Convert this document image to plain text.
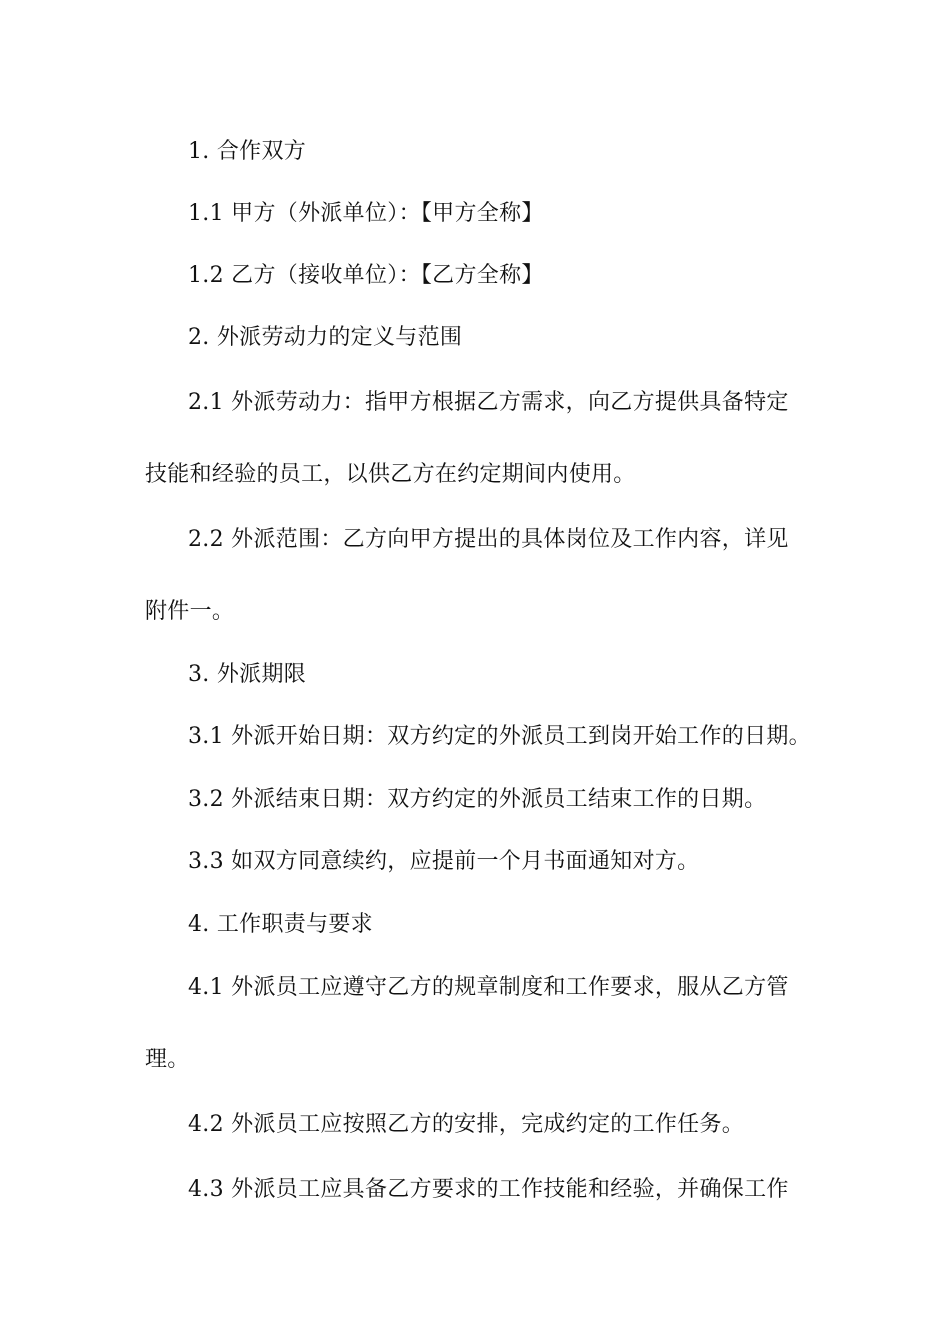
1. 合作双方
1.1 甲方（外派单位）：【甲方全称】
1.2 乙方（接收单位）：【乙方全称】
2. 外派劳动力的定义与范围
2.1 外派劳动力：指甲方根据乙方需求，向乙方提供具备特定
技能和经验的员工，以供乙方在约定期间内使用。
2.2 外派范围：乙方向甲方提出的具体岗位及工作内容，详见
附件一。
3. 外派期限
3.1 外派开始日期：双方约定的外派员工到岗开始工作的日期。
3.2 外派结束日期：双方约定的外派员工结束工作的日期。
3.3 如双方同意续约，应提前一个月书面通知对方。
4. 工作职责与要求
4.1 外派员工应遵守乙方的规章制度和工作要求，服从乙方管
理。
4.2 外派员工应按照乙方的安排，完成约定的工作任务。
4.3 外派员工应具备乙方要求的工作技能和经验，并确保工作
